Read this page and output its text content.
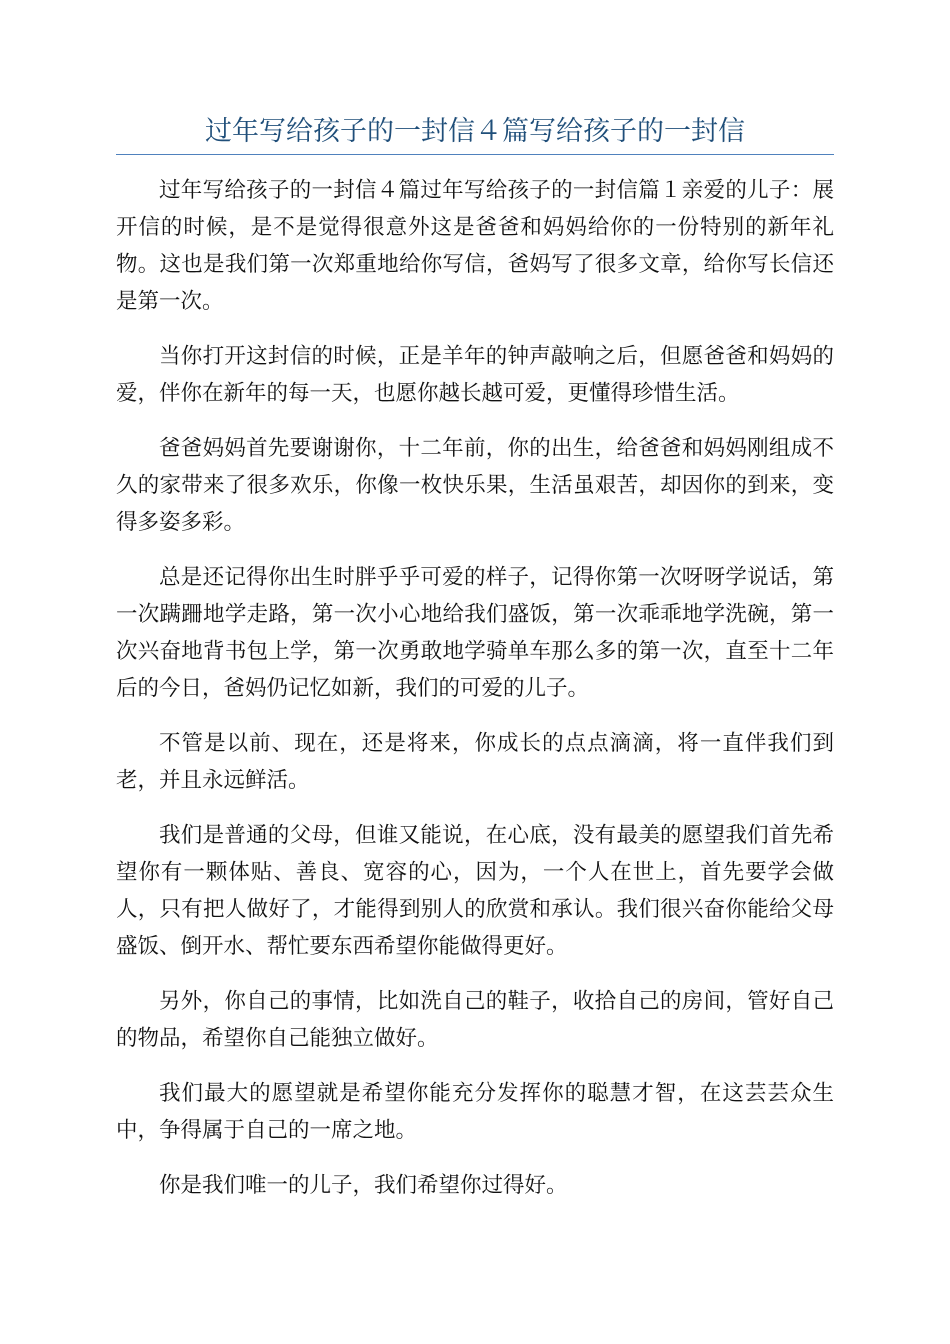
过年写给孩子的一封信４篇写给孩子的一封信

过年写给孩子的一封信４篇过年写给孩子的一封信篇１亲爱的儿子：展开信的时候，是不是觉得很意外这是爸爸和妈妈给你的一份特别的新年礼物。这也是我们第一次郑重地给你写信，爸妈写了很多文章，给你写长信还是第一次。

当你打开这封信的时候，正是羊年的钟声敲响之后，但愿爸爸和妈妈的爱，伴你在新年的每一天，也愿你越长越可爱，更懂得珍惜生活。

爸爸妈妈首先要谢谢你，十二年前，你的出生，给爸爸和妈妈刚组成不久的家带来了很多欢乐，你像一枚快乐果，生活虽艰苦，却因你的到来，变得多姿多彩。

总是还记得你出生时胖乎乎可爱的样子，记得你第一次呀呀学说话，第一次蹒跚地学走路，第一次小心地给我们盛饭，第一次乖乖地学洗碗，第一次兴奋地背书包上学，第一次勇敢地学骑单车那么多的第一次，直至十二年后的今日，爸妈仍记忆如新，我们的可爱的儿子。

不管是以前、现在，还是将来，你成长的点点滴滴，将一直伴我们到老，并且永远鲜活。

我们是普通的父母，但谁又能说，在心底，没有最美的愿望我们首先希望你有一颗体贴、善良、宽容的心，因为，一个人在世上，首先要学会做人，只有把人做好了，才能得到别人的欣赏和承认。我们很兴奋你能给父母盛饭、倒开水、帮忙要东西希望你能做得更好。

另外，你自己的事情，比如洗自己的鞋子，收拾自己的房间，管好自己的物品，希望你自己能独立做好。

我们最大的愿望就是希望你能充分发挥你的聪慧才智，在这芸芸众生中，争得属于自己的一席之地。

你是我们唯一的儿子，我们希望你过得好。
